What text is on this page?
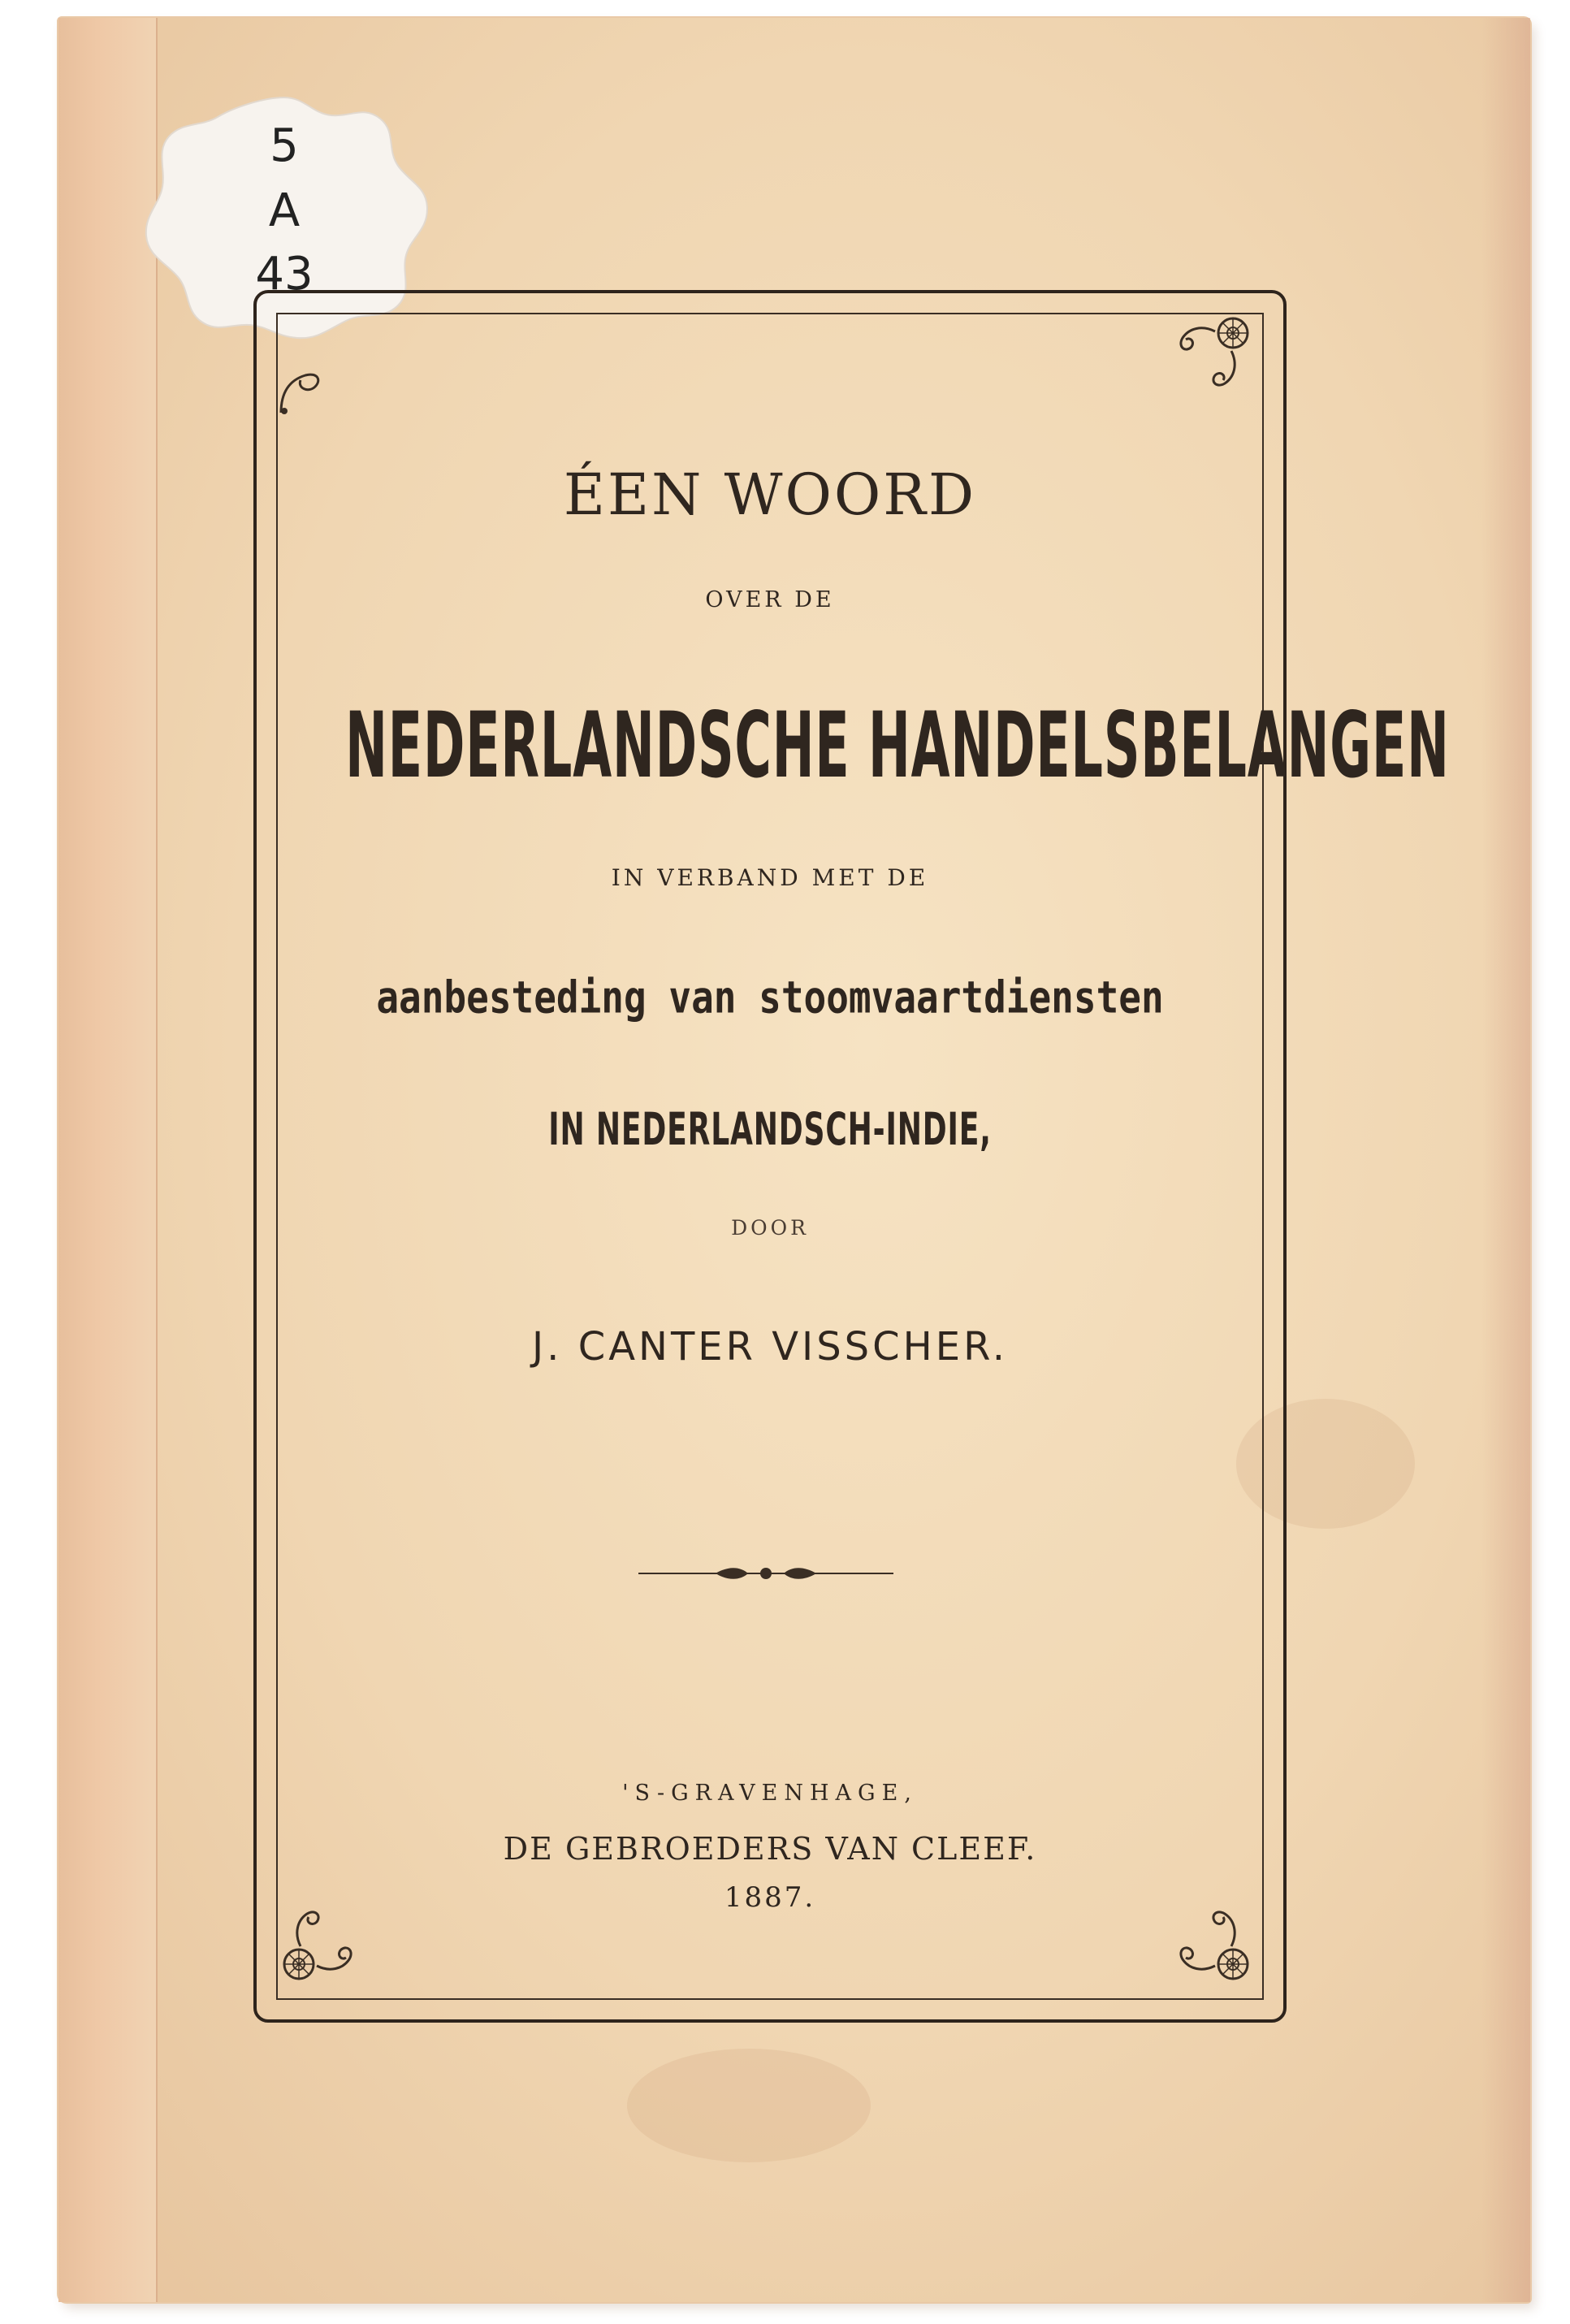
5
A
43
ÉEN WOORD
OVER DE
NEDERLANDSCHE HANDELSBELANGEN
IN VERBAND MET DE
aanbesteding van stoomvaartdiensten
IN NEDERLANDSCH-INDIE,
DOOR
J. CANTER VISSCHER.
'S-GRAVENHAGE,
DE GEBROEDERS VAN CLEEF.
1887.
